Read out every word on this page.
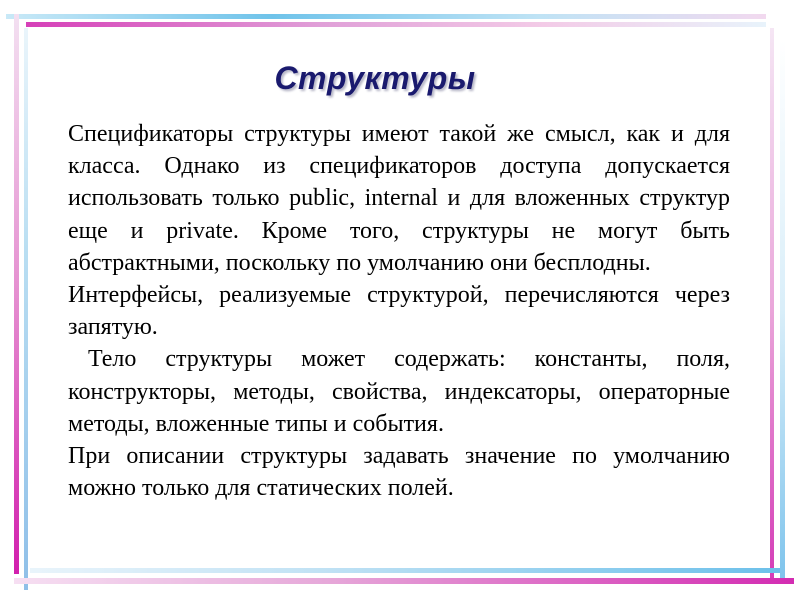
Структуры

Спецификаторы структуры имеют такой же смысл, как и для класса. Однако из спецификаторов доступа допускается использовать только public, internal и для вложенных структур еще и private. Кроме того, структуры не могут быть абстрактными, поскольку по умолчанию они бесплодны.

Интерфейсы, реализуемые структурой, перечисляются через запятую.

Тело структуры может содержать: константы, поля, конструкторы, методы, свойства, индексаторы, операторные методы, вложенные типы и события.

При описании структуры задавать значение по умолчанию можно только для статических полей.
